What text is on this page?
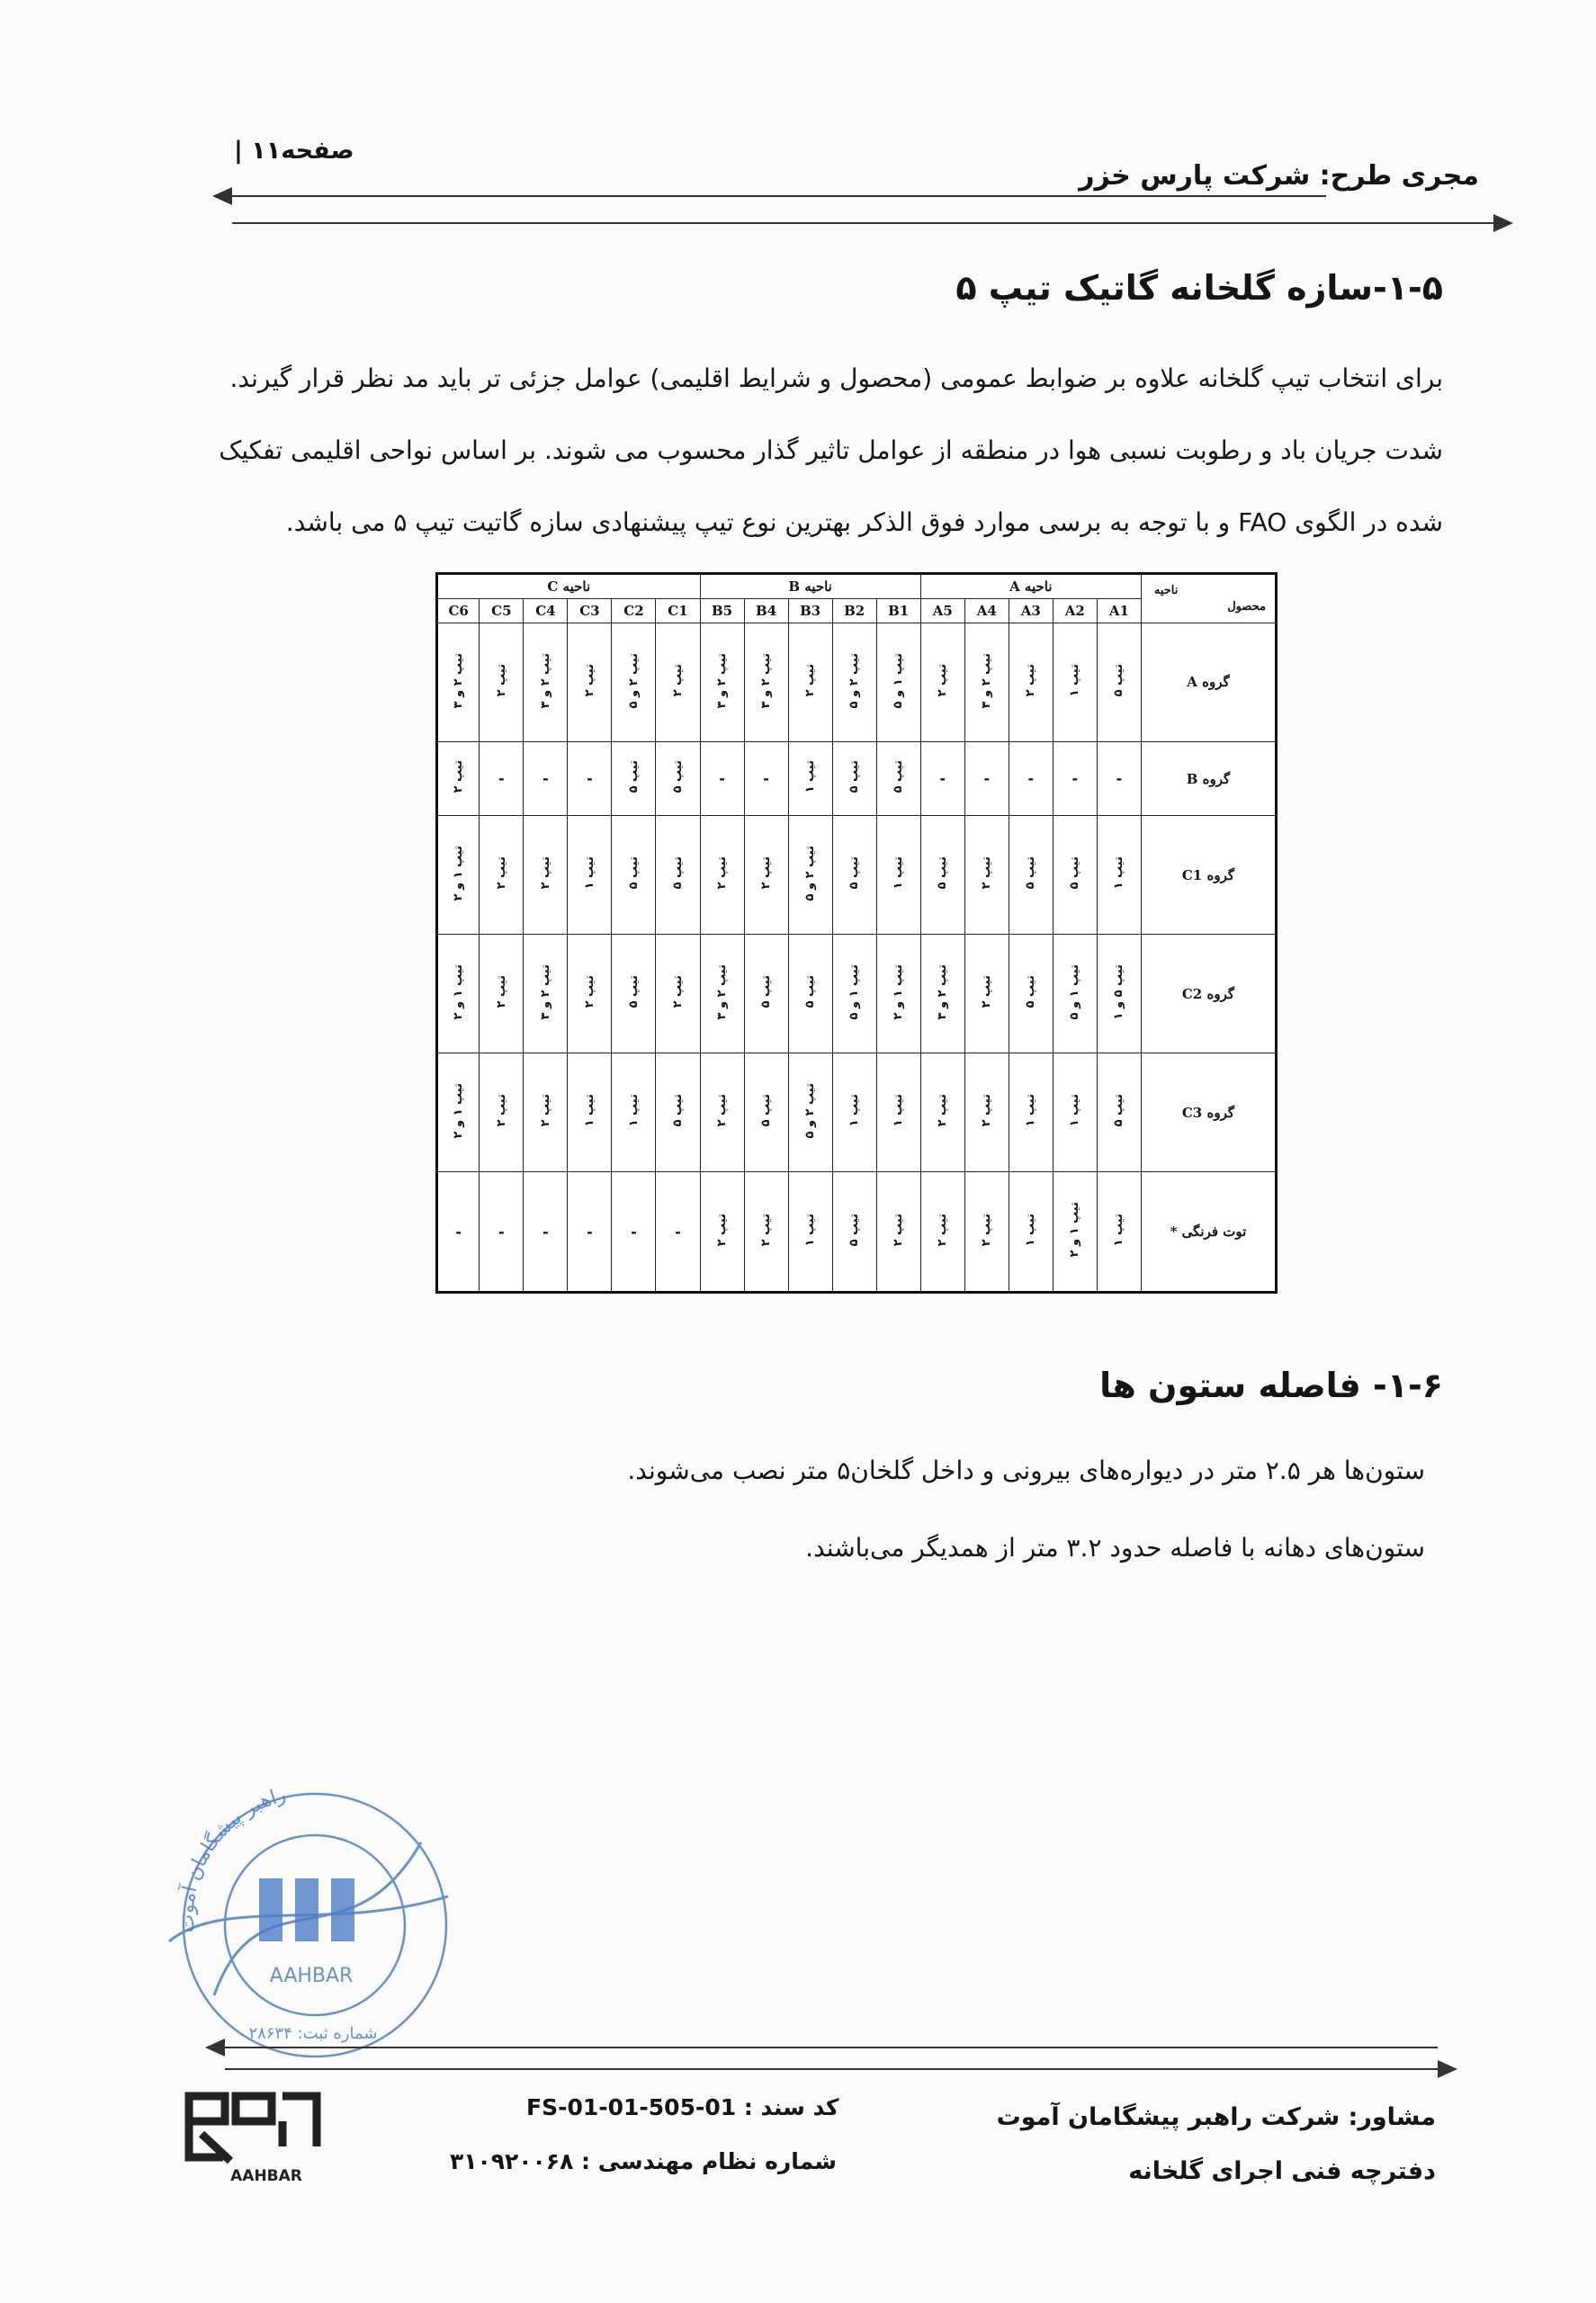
صفحه۱۱ |
مجری طرح: شرکت پارس خزر
۱-۵-سازه گلخانه گاتیک تیپ ۵
برای انتخاب تیپ گلخانه علاوه بر ضوابط عمومی (محصول و شرایط اقلیمی) عوامل جزئی تر باید مد نظر قرار گیرند.
شدت جریان باد و رطوبت نسبی هوا در منطقه از عوامل تاثیر گذار محسوب می شوند. بر اساس نواحی اقلیمی تفکیک
شده در الگوی FAO و با توجه به برسی موارد فوق الذکر بهترین نوع تیپ پیشنهادی سازه گاتیت تیپ ۵ می باشد.
ناحیه
محصول	ناحیه A					ناحیه B					ناحیه C					
	A1	A2	A3	A4	A5	B1	B2	B3	B4	B5	C1	C2	C3	C4	C5	C6
گروه A	تیپ ۵	تیپ ۱	تیپ ۲	تیپ ۲ و ۳	تیپ ۲	تیپ ۱ و ۵	تیپ ۲ و ۵	تیپ ۲	تیپ ۲ و ۳	تیپ ۲ و ۳	تیپ ۲	تیپ ۲ و ۵	تیپ ۲	تیپ ۲ و ۳	تیپ ۲	تیپ ۲ و ۳
گروه B	-	-	-	-	-	تیپ ۵	تیپ ۵	تیپ ۱	-	-	تیپ ۵	تیپ ۵	-	-	-	تیپ ۲
گروه C1	تیپ ۱	تیپ ۵	تیپ ۵	تیپ ۲	تیپ ۵	تیپ ۱	تیپ ۵	تیپ ۲ و ۵	تیپ ۲	تیپ ۲	تیپ ۵	تیپ ۵	تیپ ۱	تیپ ۲	تیپ ۲	تیپ ۱ و ۲
گروه C2	تیپ ۵ و ۱	تیپ ۱ و ۵	تیپ ۵	تیپ ۲	تیپ ۲ و ۳	تیپ ۱ و ۲	تیپ ۱ و ۵	تیپ ۵	تیپ ۵	تیپ ۲ و ۳	تیپ ۲	تیپ ۵	تیپ ۲	تیپ ۲ و ۳	تیپ ۲	تیپ ۱ و ۲
گروه C3	تیپ ۵	تیپ ۱	تیپ ۱	تیپ ۲	تیپ ۲	تیپ ۱	تیپ ۱	تیپ ۲ و ۵	تیپ ۵	تیپ ۲	تیپ ۵	تیپ ۱	تیپ ۱	تیپ ۲	تیپ ۲	تیپ ۱ و ۲
توت فرنگی *	تیپ ۱	تیپ ۱ و ۲	تیپ ۱	تیپ ۲	تیپ ۲	تیپ ۲	تیپ ۵	تیپ ۱	تیپ ۲	تیپ ۲	-	-	-	-	-	-
۱-۶- فاصله ستون ها
ستون‌ها هر ۲.۵ متر در دیواره‌های بیرونی و داخل گلخان۵ متر نصب می‌شوند.
ستون‌های دهانه با فاصله حدود ۳.۲ متر از همدیگر می‌باشند.
راهبر پیشگامان آموت
AAHBAR
شماره ثبت: ۲۸۶۳۴
مشاور: شرکت راهبر پیشگامان آموت
دفترچه فنی اجرای گلخانه
کد سند : FS-01-01-505-01
شماره نظام مهندسی : ۳۱۰۹۲۰۰۶۸
AAHBAR
